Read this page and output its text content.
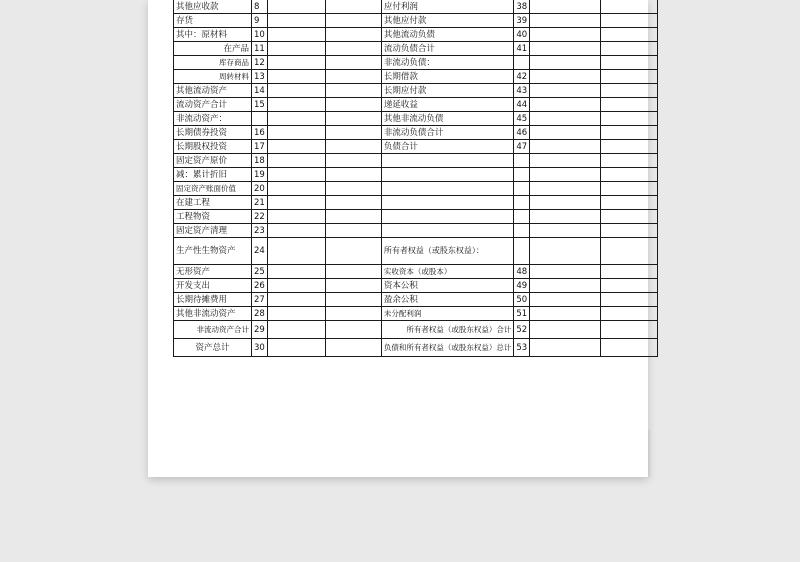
其他应收款	8			应付利润	38		
存货	9			其他应付款	39		
其中：原材料	10			其他流动负债	40		
在产品	11			流动负债合计	41		
库存商品	12			非流动负债：			
周转材料	13			长期借款	42		
其他流动资产	14			长期应付款	43		
流动资产合计	15			递延收益	44		
非流动资产：				其他非流动负债	45		
长期债券投资	16			非流动负债合计	46		
长期股权投资	17			负债合计	47		
固定资产原价	18						
减：累计折旧	19						
固定资产账面价值	20						
在建工程	21						
工程物资	22						
固定资产清理	23						
生产性生物资产	24			所有者权益（或股东权益）：			
无形资产	25			实收资本（或股本）	48		
开发支出	26			资本公积	49		
长期待摊费用	27			盈余公积	50		
其他非流动资产	28			未分配利润	51		
非流动资产合计	29			所有者权益（或股东权益）合计	52		
资产总计	30			负债和所有者权益（或股东权益）总计	53		
